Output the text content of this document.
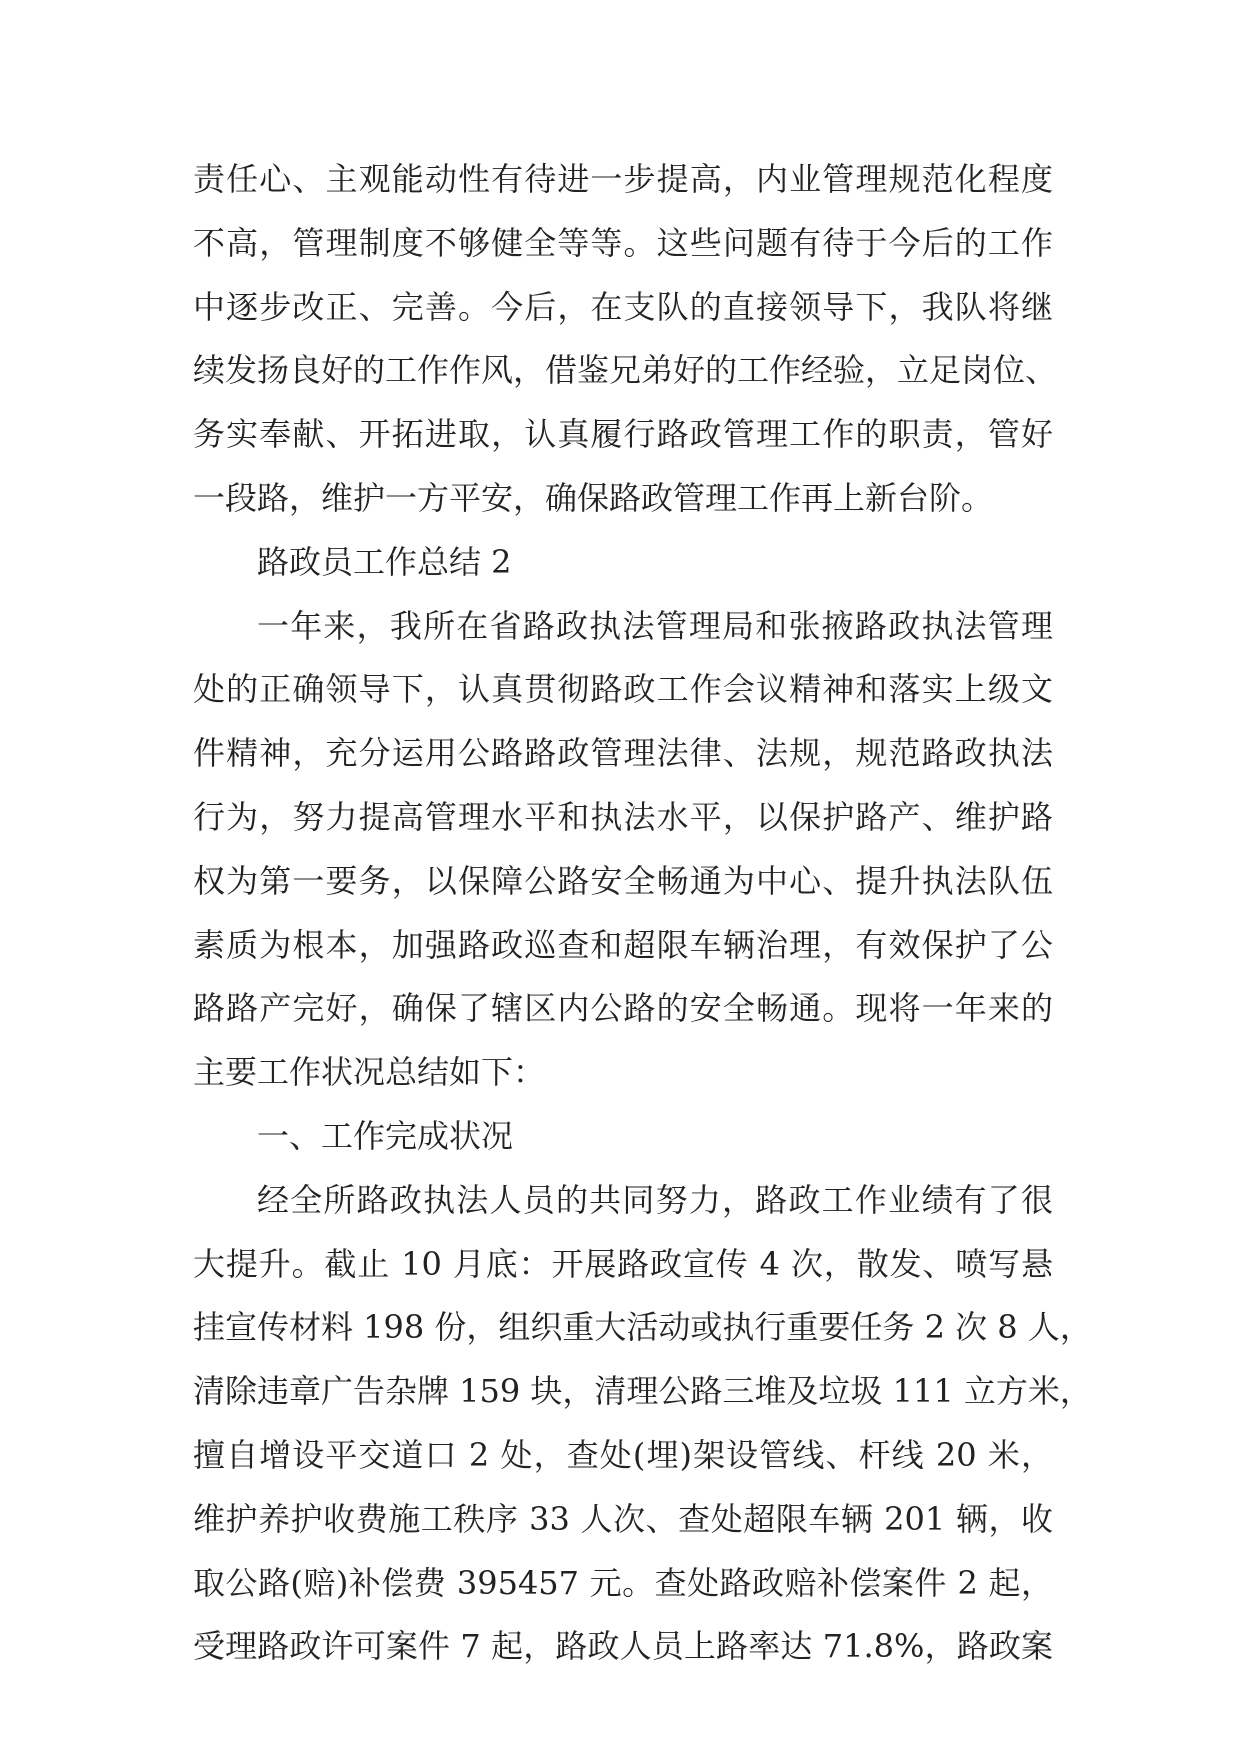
责任心、主观能动性有待进一步提高，内业管理规范化程度
不高，管理制度不够健全等等。这些问题有待于今后的工作
中逐步改正、完善。今后，在支队的直接领导下，我队将继
续发扬良好的工作作风，借鉴兄弟好的工作经验，立足岗位、
务实奉献、开拓进取，认真履行路政管理工作的职责，管好
一段路，维护一方平安，确保路政管理工作再上新台阶。
路政员工作总结 2
一年来，我所在省路政执法管理局和张掖路政执法管理
处的正确领导下，认真贯彻路政工作会议精神和落实上级文
件精神，充分运用公路路政管理法律、法规，规范路政执法
行为，努力提高管理水平和执法水平，以保护路产、维护路
权为第一要务，以保障公路安全畅通为中心、提升执法队伍
素质为根本，加强路政巡查和超限车辆治理，有效保护了公
路路产完好，确保了辖区内公路的安全畅通。现将一年来的
主要工作状况总结如下：
一、工作完成状况
经全所路政执法人员的共同努力，路政工作业绩有了很
大提升。截止 10 月底：开展路政宣传 4 次，散发、喷写悬
挂宣传材料 198 份，组织重大活动或执行重要任务 2 次 8 人，
清除违章广告杂牌 159 块，清理公路三堆及垃圾 111 立方米，
擅自增设平交道口 2 处，查处(埋)架设管线、杆线 20 米，
维护养护收费施工秩序 33 人次、查处超限车辆 201 辆，收
取公路(赔)补偿费 395457 元。查处路政赔补偿案件 2 起，
受理路政许可案件 7 起，路政人员上路率达 71.8%，路政案
